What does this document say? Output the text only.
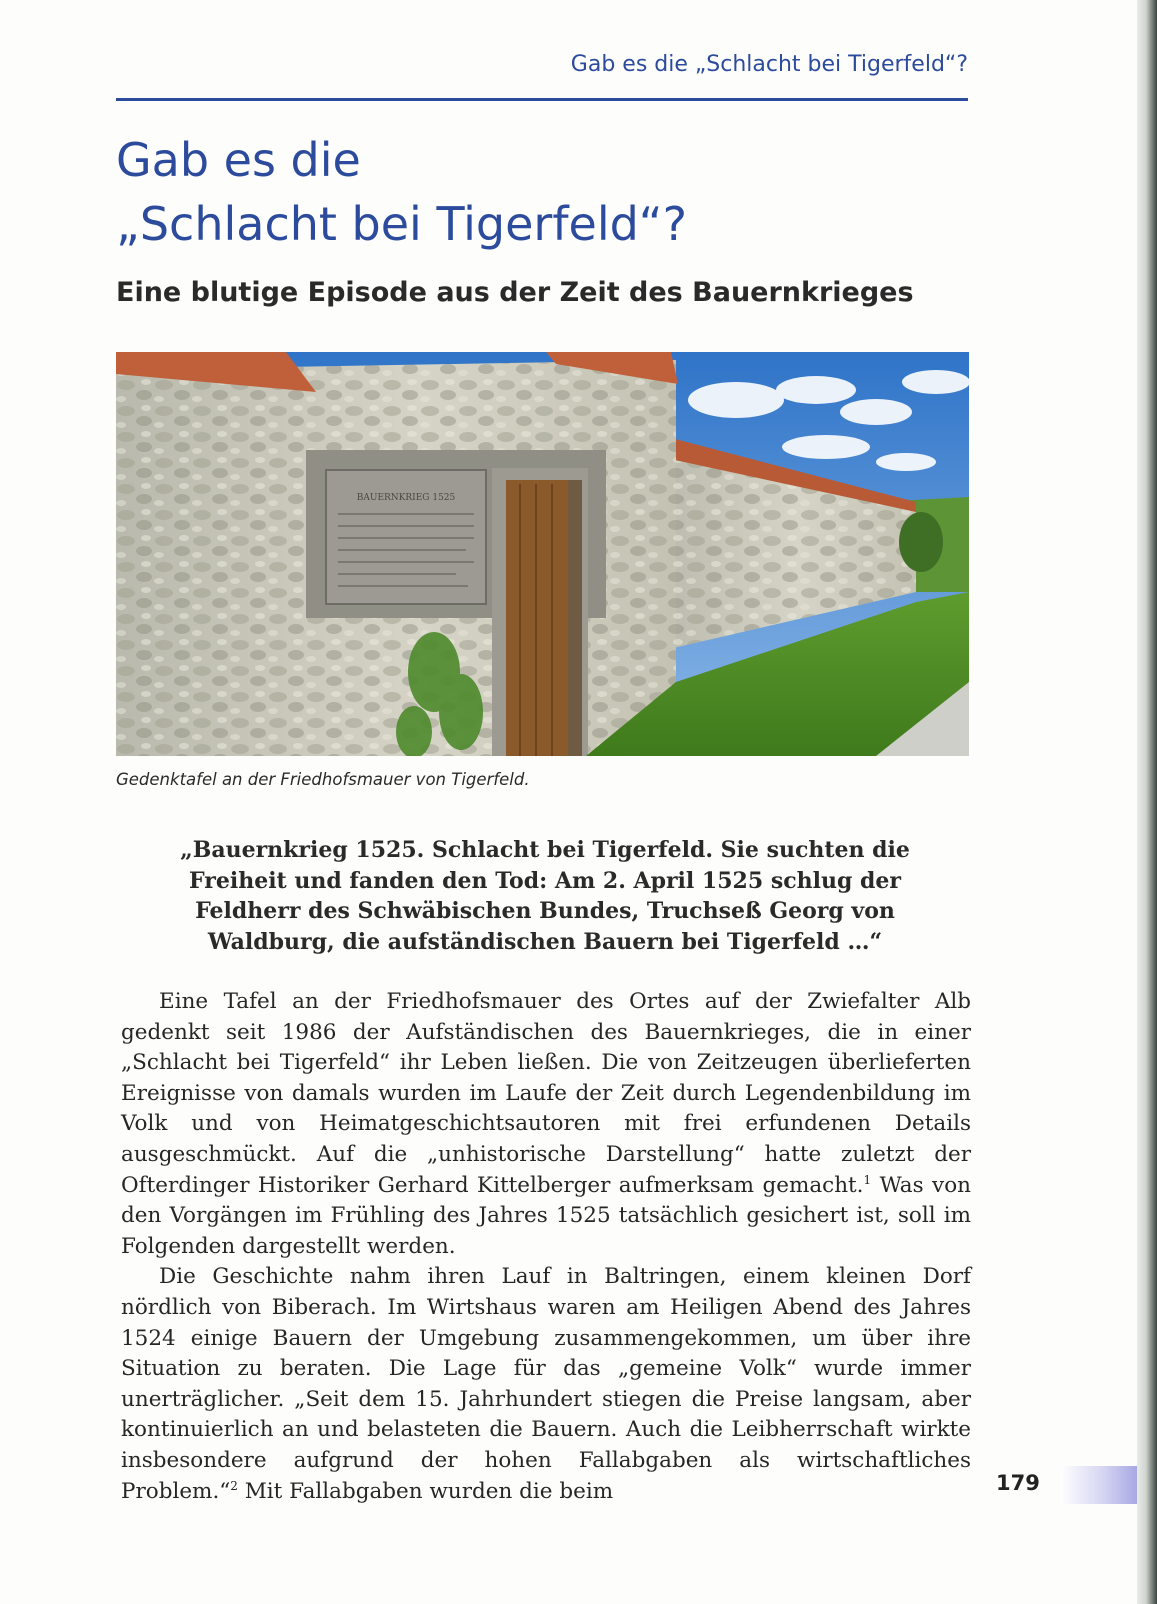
Gab es die „Schlacht bei Tigerfeld“?
Gab es die
„Schlacht bei Tigerfeld“?
Eine blutige Episode aus der Zeit des Bauernkrieges
BAUERNKRIEG 1525
Gedenktafel an der Friedhofsmauer von Tigerfeld.
„Bauernkrieg 1525. Schlacht bei Tigerfeld. Sie suchten die Freiheit und fanden den Tod: Am 2. April 1525 schlug der Feldherr des Schwäbischen Bundes, Truchseß Georg von Waldburg, die aufständischen Bauern bei Tigerfeld …“

Eine Tafel an der Friedhofsmauer des Ortes auf der Zwiefalter Alb gedenkt seit 1986 der Aufständischen des Bauernkrieges, die in einer „Schlacht bei Tigerfeld“ ihr Leben ließen. Die von Zeitzeugen überlieferten Ereignisse von damals wurden im Laufe der Zeit durch Legendenbildung im Volk und von Heimatgeschichtsautoren mit frei erfundenen Details ausgeschmückt. Auf die „unhistorische Darstellung“ hatte zuletzt der Ofterdinger Historiker Gerhard Kittelberger aufmerksam gemacht.$^1$ Was von den Vorgängen im Frühling des Jahres 1525 tatsächlich gesichert ist, soll im Folgenden dargestellt werden.

Die Geschichte nahm ihren Lauf in Baltringen, einem kleinen Dorf nördlich von Biberach. Im Wirtshaus waren am Heiligen Abend des Jahres 1524 einige Bauern der Umgebung zusammengekommen, um über ihre Situation zu beraten. Die Lage für das „gemeine Volk“ wurde immer unerträglicher. „Seit dem 15. Jahrhundert stiegen die Preise langsam, aber kontinuierlich an und belasteten die Bauern. Auch die Leibherrschaft wirkte insbesondere aufgrund der hohen Fallabgaben als wirtschaftliches Problem.“$^2$ Mit Fallabgaben wurden die beim	179
